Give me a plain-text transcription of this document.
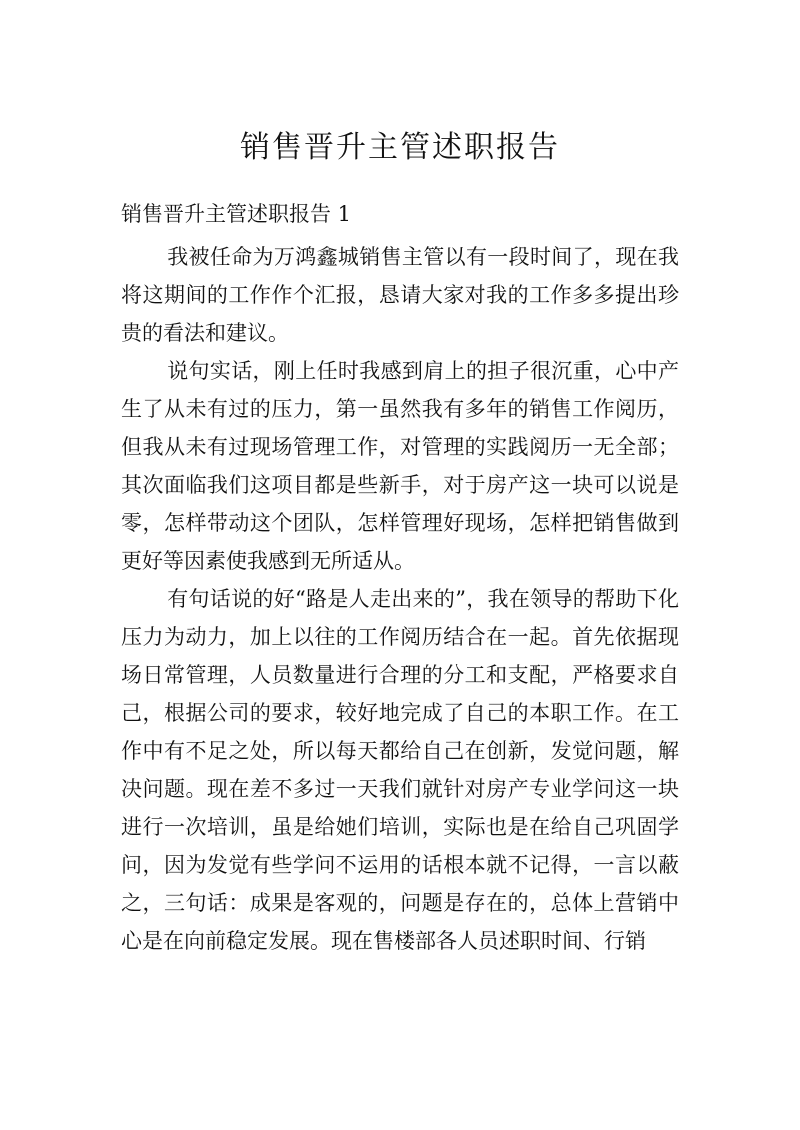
销售晋升主管述职报告
销售晋升主管述职报告 1

我被任命为万鸿鑫城销售主管以有一段时间了，现在我将这期间的工作作个汇报，恳请大家对我的工作多多提出珍贵的看法和建议。

说句实话，刚上任时我感到肩上的担子很沉重，心中产生了从未有过的压力，第一虽然我有多年的销售工作阅历，但我从未有过现场管理工作，对管理的实践阅历一无全部；其次面临我们这项目都是些新手，对于房产这一块可以说是零，怎样带动这个团队，怎样管理好现场，怎样把销售做到更好等因素使我感到无所适从。

有句话说的好“路是人走出来的”，我在领导的帮助下化压力为动力，加上以往的工作阅历结合在一起。首先依据现场日常管理，人员数量进行合理的分工和支配，严格要求自己，根据公司的要求，较好地完成了自己的本职工作。在工作中有不足之处，所以每天都给自己在创新，发觉问题，解决问题。现在差不多过一天我们就针对房产专业学问这一块进行一次培训，虽是给她们培训，实际也是在给自己巩固学问，因为发觉有些学问不运用的话根本就不记得，一言以蔽之，三句话：成果是客观的，问题是存在的，总体上营销中心是在向前稳定发展。现在售楼部各人员述职时间、行销
